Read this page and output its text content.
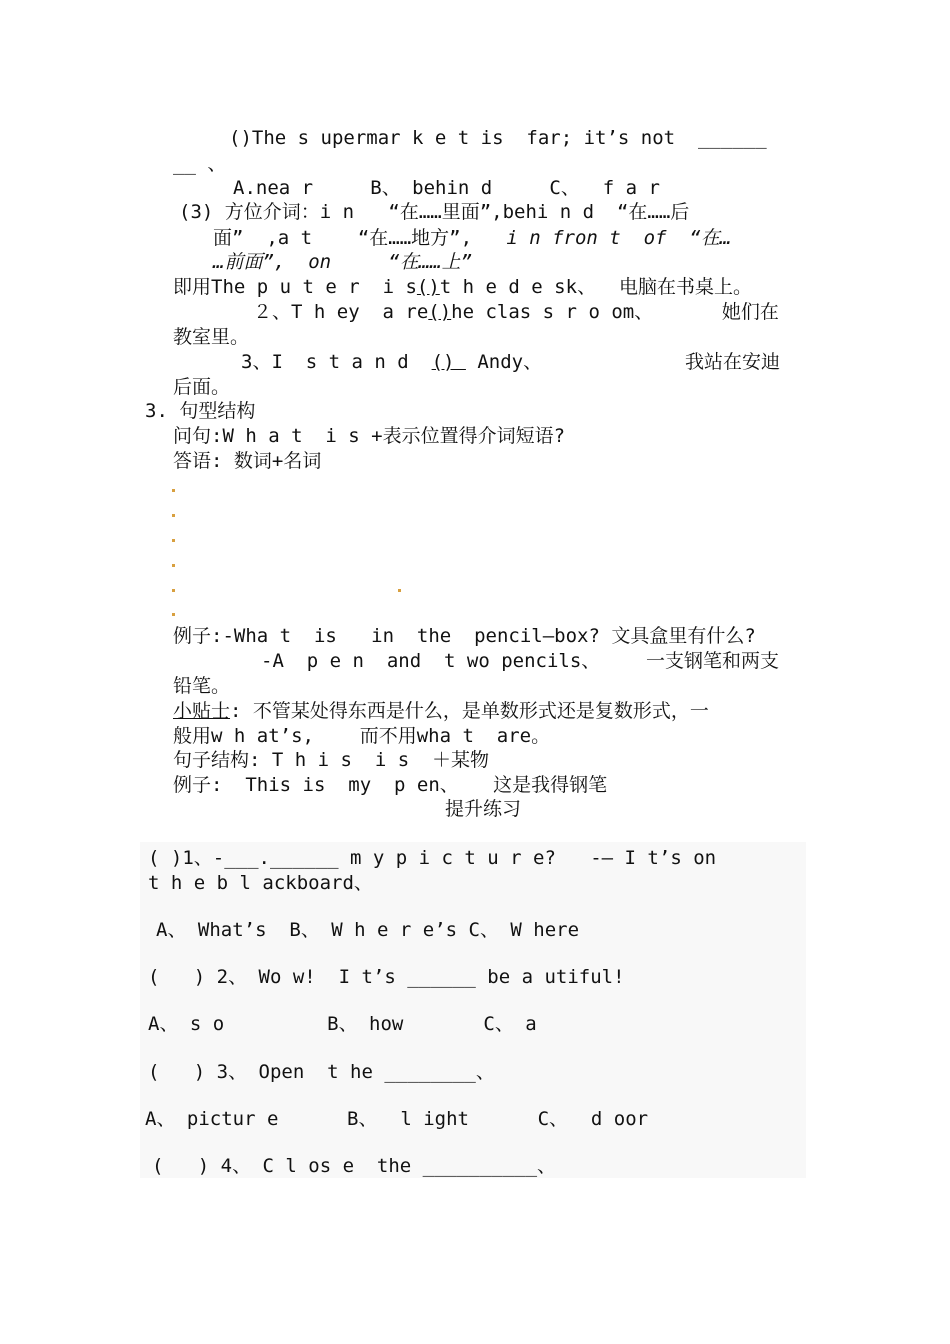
()The s upermar k e t is  far; it’s not  ______
__ 、
A.nea r     B、 behin d     C、  f a r
(3) 方位介词：i n   “在……里面”,behi n d  “在……后
面”  ,a t    “在……地方”,   i n fron t  of  “在…
…前面”,  on     “在……上”
即用The p u t e r  i s()t h e d e sk、  电脑在书桌上。
２、T h ey  a re()he clas s r o om、      她们在
教室里。
3、I  s t a n d  ()  Andy、	我站在安迪
后面。
3. 句型结构
问句:W h a t  i s +表示位置得介词短语?
答语: 数词+名词
例子:-Wha t  is   in  the  pencil—box? 文具盒里有什么?
-A  p e n  and  t wo pencils、    一支钢笔和两支
铅笔。
小贴士: 不管某处得东西是什么，是单数形式还是复数形式，一
般用w h at’s,    而不用wha t  are。
句子结构: T h i s  i s  ＋某物
例子:  This is  my  p en、   这是我得钢笔
提升练习
( )1、-___.______ m y p i c t u r e?   -— I t’s on
t h e b l ackboard、
A、 What’s  B、 W h e r e’s C、 W here
(   ) 2、 Wo w!  I t’s ______ be a utiful!
A、 s o         B、 how       C、 a
(   ) 3、 Open  t he ________、
A、 pictur e      B、  l ight      C、  d oor
(   ) 4、 C l os e  the __________、
